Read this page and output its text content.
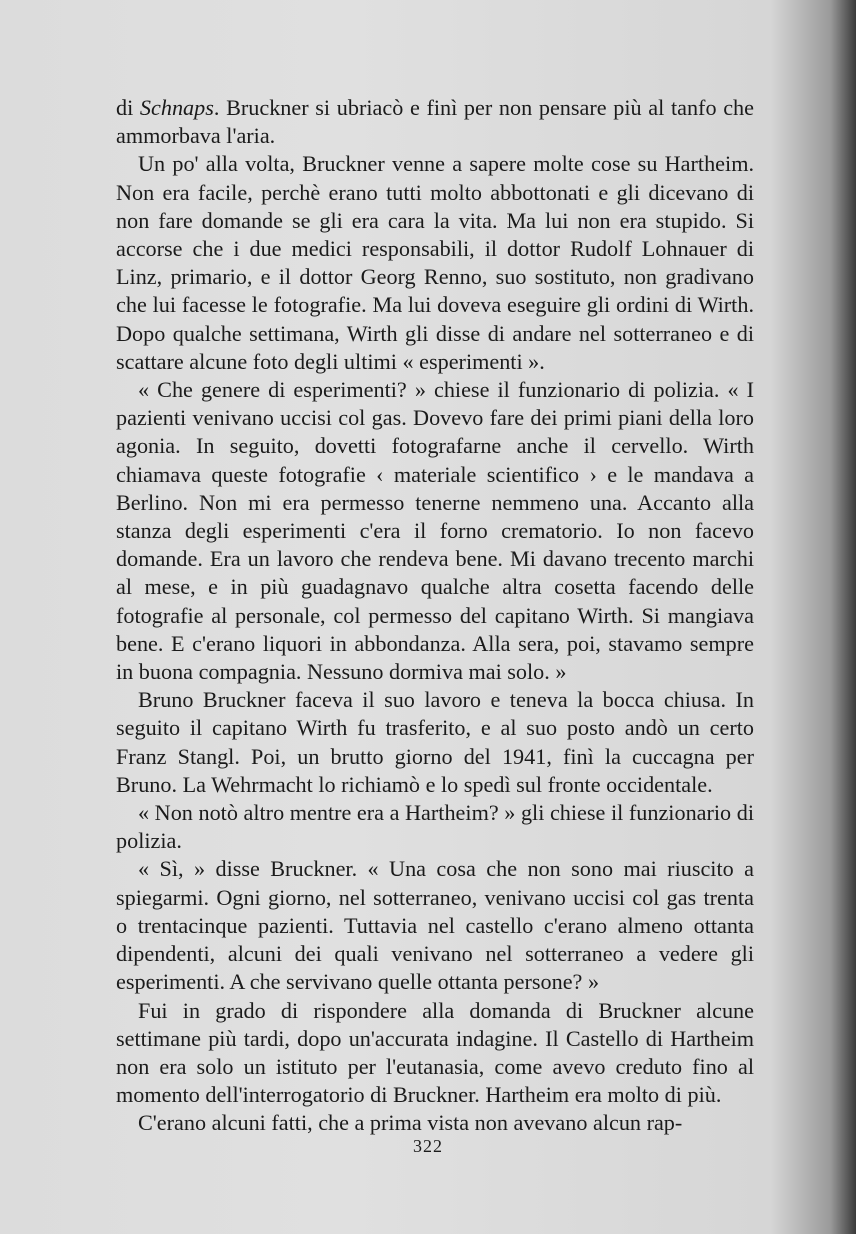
di Schnaps. Bruckner si ubriacò e finì per non pensare più al tanfo che ammorbava l'aria.

Un po' alla volta, Bruckner venne a sapere molte cose su Hartheim. Non era facile, perchè erano tutti molto abbottonati e gli dicevano di non fare domande se gli era cara la vita. Ma lui non era stupido. Si accorse che i due medici responsabili, il dottor Rudolf Lohnauer di Linz, primario, e il dottor Georg Renno, suo sostituto, non gradivano che lui facesse le fotografie. Ma lui doveva eseguire gli ordini di Wirth. Dopo qualche settimana, Wirth gli disse di andare nel sotterraneo e di scattare alcune foto degli ultimi « esperimenti ».

« Che genere di esperimenti? » chiese il funzionario di polizia. « I pazienti venivano uccisi col gas. Dovevo fare dei primi piani della loro agonia. In seguito, dovetti fotografarne anche il cervello. Wirth chiamava queste fotografie ‹ materiale scientifico › e le mandava a Berlino. Non mi era permesso tenerne nemmeno una. Accanto alla stanza degli esperimenti c'era il forno crematorio. Io non facevo domande. Era un lavoro che rendeva bene. Mi davano trecento marchi al mese, e in più guadagnavo qualche altra cosetta facendo delle fotografie al personale, col permesso del capitano Wirth. Si mangiava bene. E c'erano liquori in abbondanza. Alla sera, poi, stavamo sempre in buona compagnia. Nessuno dormiva mai solo. »

Bruno Bruckner faceva il suo lavoro e teneva la bocca chiusa. In seguito il capitano Wirth fu trasferito, e al suo posto andò un certo Franz Stangl. Poi, un brutto giorno del 1941, finì la cuccagna per Bruno. La Wehrmacht lo richiamò e lo spedì sul fronte occidentale.

« Non notò altro mentre era a Hartheim? » gli chiese il funzionario di polizia.

« Sì, » disse Bruckner. « Una cosa che non sono mai riuscito a spiegarmi. Ogni giorno, nel sotterraneo, venivano uccisi col gas trenta o trentacinque pazienti. Tuttavia nel castello c'erano almeno ottanta dipendenti, alcuni dei quali venivano nel sotterraneo a vedere gli esperimenti. A che servivano quelle ottanta persone? »

Fui in grado di rispondere alla domanda di Bruckner alcune settimane più tardi, dopo un'accurata indagine. Il Castello di Hartheim non era solo un istituto per l'eutanasia, come avevo creduto fino al momento dell'interrogatorio di Bruckner. Hartheim era molto di più.

C'erano alcuni fatti, che a prima vista non avevano alcun rap-

322
